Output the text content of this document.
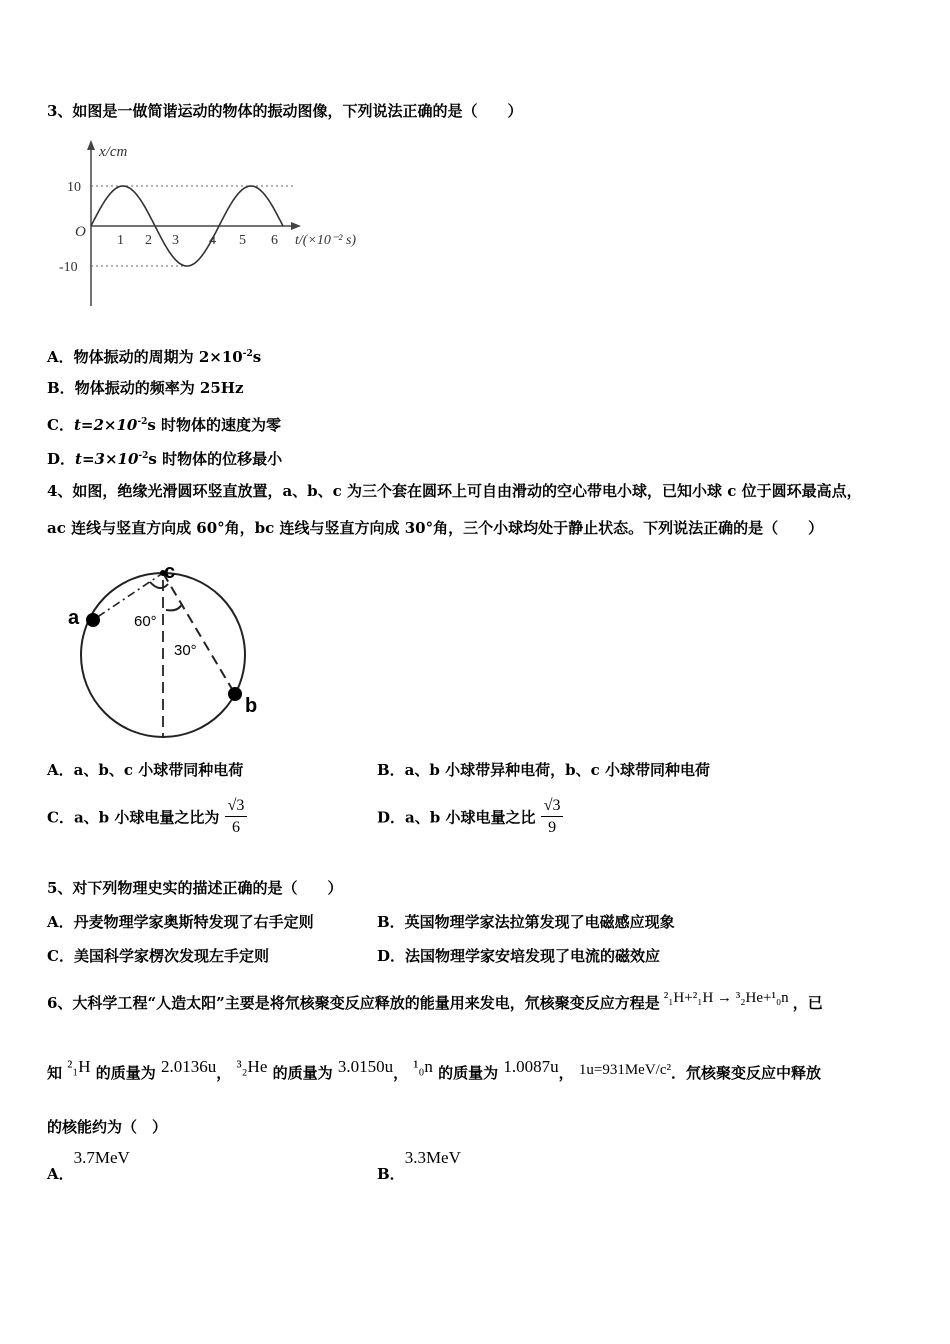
3、如图是一做简谐运动的物体的振动图像，下列说法正确的是（　　）
x/cm
O
10
-10
1 2 3 4 5 6 t/(×10⁻² s)
A．物体振动的周期为 $2\times 10^{-2}s$
B．物体振动的频率为 25Hz
C．$t=2\times 10^{-2}s$ 时物体的速度为零
D．$t=3\times 10^{-2}s$ 时物体的位移最小
4、如图，绝缘光滑圆环竖直放置，a、b、c 为三个套在圆环上可自由滑动的空心带电小球，已知小球 c 位于圆环最高点，
ac 连线与竖直方向成 60°角，bc 连线与竖直方向成 30°角，三个小球均处于静止状态。下列说法正确的是（　　）
a
b
c
60°
30°
A．a、b、c 小球带同种电荷	B．a、b 小球带异种电荷，b、c 小球带同种电荷
C．a、b 小球电量之比为 $\frac{√3}{6}$	D．a、b 小球电量之比 $\frac{√3}{9}$
5、对下列物理史实的描述正确的是（　　）
A．丹麦物理学家奥斯特发现了右手定则	B．英国物理学家法拉第发现了电磁感应现象
C．美国科学家楞次发现左手定则	D．法国物理学家安培发现了电流的磁效应
6、大科学工程“人造太阳”主要是将氘核聚变反应释放的能量用来发电，氘核聚变反应方程是 ²₁H+²₁H → ³₂He+¹₀n ，已
知 ²₁H 的质量为 2.0136u， ³₂He 的质量为 3.0150u， ¹₀n 的质量为 1.0087u， 1u=931MeV/c²．氘核聚变反应中释放
的核能约为（　）
A．3.7MeV
B．3.3MeV
